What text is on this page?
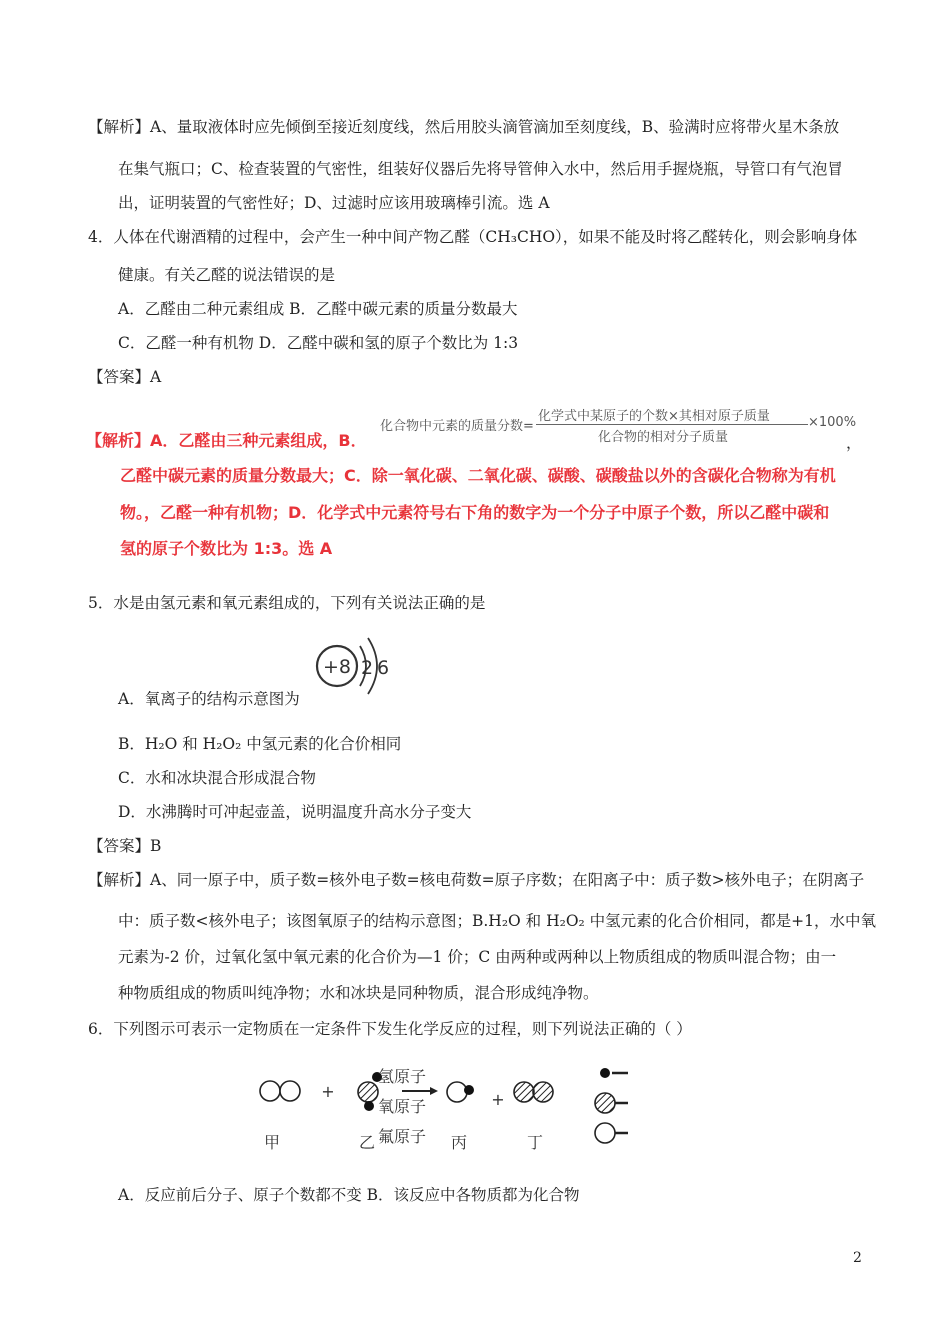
【解析】A、量取液体时应先倾倒至接近刻度线，然后用胶头滴管滴加至刻度线，B、验满时应将带火星木条放
在集气瓶口；C、检查装置的气密性，组装好仪器后先将导管伸入水中，然后用手握烧瓶，导管口有气泡冒
出，证明装置的气密性好；D、过滤时应该用玻璃棒引流。选 A
4．人体在代谢酒精的过程中，会产生一种中间产物乙醛（CH₃CHO），如果不能及时将乙醛转化，则会影响身体
健康。有关乙醛的说法错误的是
A．乙醛由二种元素组成 B．乙醛中碳元素的质量分数最大
C．乙醛一种有机物 D．乙醛中碳和氢的原子个数比为 1:3
【答案】A
【解析】A．乙醛由三种元素组成，B．
化合物中元素的质量分数=
化学式中某原子的个数×其相对原子质量
化合物的相对分子质量
×100%
，
乙醛中碳元素的质量分数最大；C．除一氧化碳、二氧化碳、碳酸、碳酸盐以外的含碳化合物称为有机
物。，乙醛一种有机物；D．化学式中元素符号右下角的数字为一个分子中原子个数，所以乙醛中碳和
氢的原子个数比为 1:3。选 A
5．水是由氢元素和氧元素组成的，下列有关说法正确的是
A．氧离子的结构示意图为
+8 2 6
B．H₂O 和 H₂O₂ 中氢元素的化合价相同
C．水和冰块混合形成混合物
D．水沸腾时可冲起壶盖，说明温度升高水分子变大
【答案】B
【解析】A、同一原子中，质子数=核外电子数=核电荷数=原子序数；在阳离子中：质子数>核外电子；在阴离子
中：质子数<核外电子；该图氧原子的结构示意图；B.H₂O 和 H₂O₂ 中氢元素的化合价相同，都是+1，水中氧
元素为-2 价，过氧化氢中氧元素的化合价为—1 价；C 由两种或两种以上物质组成的物质叫混合物；由一
种物质组成的物质叫纯净物；水和冰块是同种物质，混合形成纯净物。
6．下列图示可表示一定物质在一定条件下发生化学反应的过程，则下列说法正确的（ ）
+	+
氢原子
氧原子
氟原子
甲	乙	丙	丁
A．反应前后分子、原子个数都不变 B．该反应中各物质都为化合物
2
